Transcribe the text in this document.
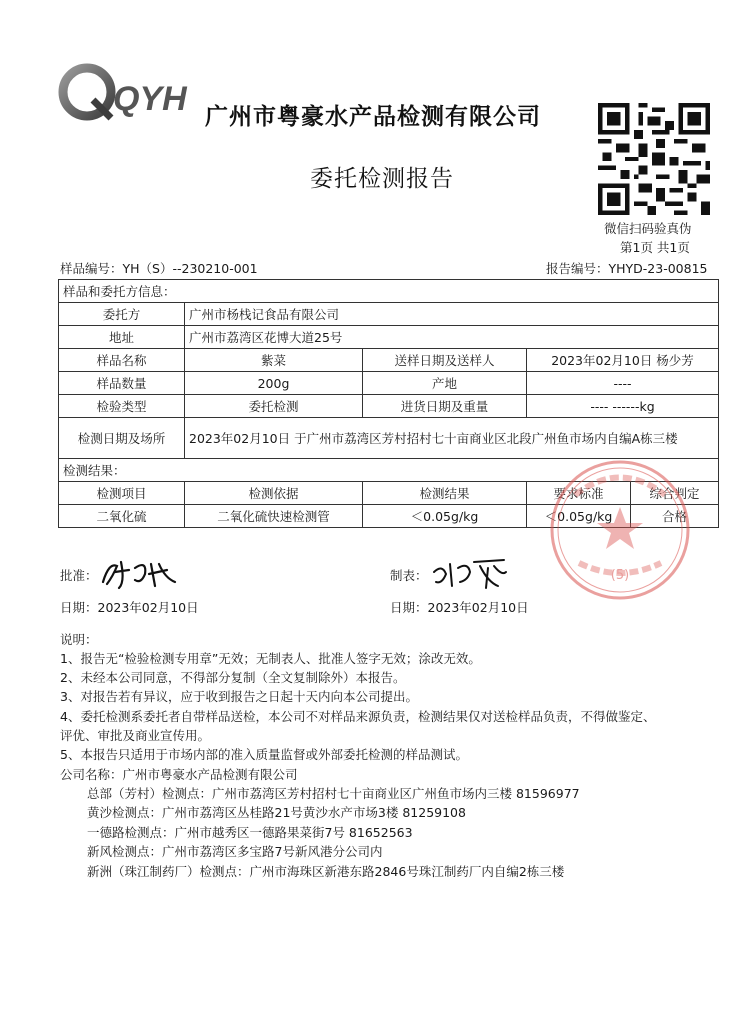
QYH 广州市粤豪水产品检测有限公司
委托检测报告
微信扫码验真伪
第1页 共1页
样品编号：YH（S）--230210-001	报告编号：YHYD-23-00815
样品和委托方信息：				
委托方	广州市杨栈记食品有限公司			
地址	广州市荔湾区花博大道25号			
样品名称	紫菜	送样日期及送样人	2023年02月10日 杨少芳	
样品数量	200g	产地	----	
检验类型	委托检测	进货日期及重量	---- ------kg	
检测日期及场所	2023年02月10日 于广州市荔湾区芳村招村七十亩商业区北段广州鱼市场内自编A栋三楼			
检测结果：				
检测项目	检测依据	检测结果	要求标准	综合判定
二氧化硫	二氧化硫快速检测管	＜0.05g/kg	＜0.05g/kg	合格
(5)
批准：
日期：2023年02月10日
制表：
日期：2023年02月10日
说明：
1、报告无“检验检测专用章”无效；无制表人、批准人签字无效；涂改无效。
2、未经本公司同意，不得部分复制（全文复制除外）本报告。
3、对报告若有异议，应于收到报告之日起十天内向本公司提出。
4、委托检测系委托者自带样品送检，本公司不对样品来源负责，检测结果仅对送检样品负责，不得做鉴定、
评优、审批及商业宣传用。
5、本报告只适用于市场内部的准入质量监督或外部委托检测的样品测试。
公司名称：广州市粤豪水产品检测有限公司
总部（芳村）检测点：广州市荔湾区芳村招村七十亩商业区广州鱼市场内三楼 81596977
黄沙检测点：广州市荔湾区丛桂路21号黄沙水产市场3楼 81259108
一德路检测点：广州市越秀区一德路果菜街7号 81652563
新风检测点：广州市荔湾区多宝路7号新风港分公司内
新洲（珠江制药厂）检测点：广州市海珠区新港东路2846号珠江制药厂内自编2栋三楼
